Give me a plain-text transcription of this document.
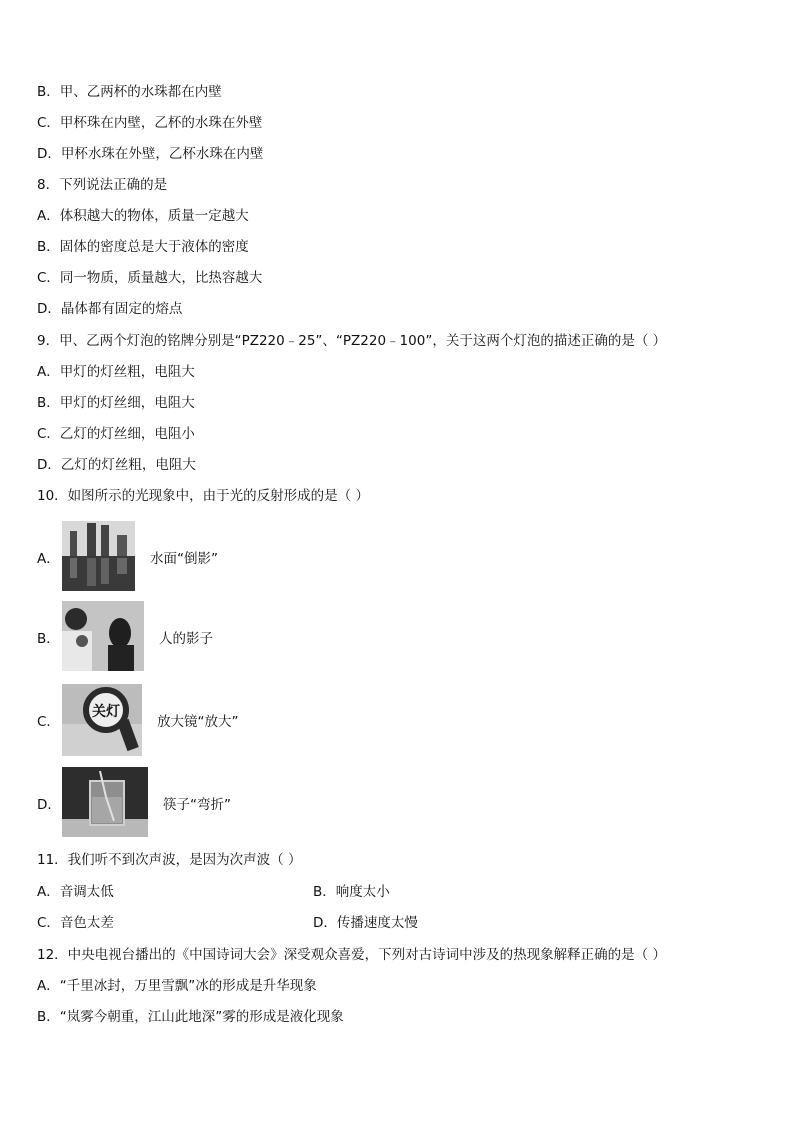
B．甲、乙两杯的水珠都在内壁
C．甲杯珠在内壁，乙杯的水珠在外壁
D．甲杯水珠在外壁，乙杯水珠在内壁
8．下列说法正确的是
A．体积越大的物体，质量一定越大
B．固体的密度总是大于液体的密度
C．同一物质，质量越大，比热容越大
D．晶体都有固定的熔点
9．甲、乙两个灯泡的铭牌分别是“PZ220﹣25”、“PZ220﹣100”，关于这两个灯泡的描述正确的是（ ）
A．甲灯的灯丝粗，电阻大
B．甲灯的灯丝细，电阻大
C．乙灯的灯丝细，电阻小
D．乙灯的灯丝粗，电阻大
10．如图所示的光现象中，由于光的反射形成的是（ ）
A．	水面“倒影”
B．	人的影子
C．
关灯
放大镜“放大”
D．	筷子“弯折”
11．我们听不到次声波，是因为次声波（ ）
A．音调太低	B．响度太小
C．音色太差	D．传播速度太慢
12．中央电视台播出的《中国诗词大会》深受观众喜爱，下列对古诗词中涉及的热现象解释正确的是（ ）
A．“千里冰封，万里雪飘”冰的形成是升华现象
B．“岚雾今朝重，江山此地深”雾的形成是液化现象
